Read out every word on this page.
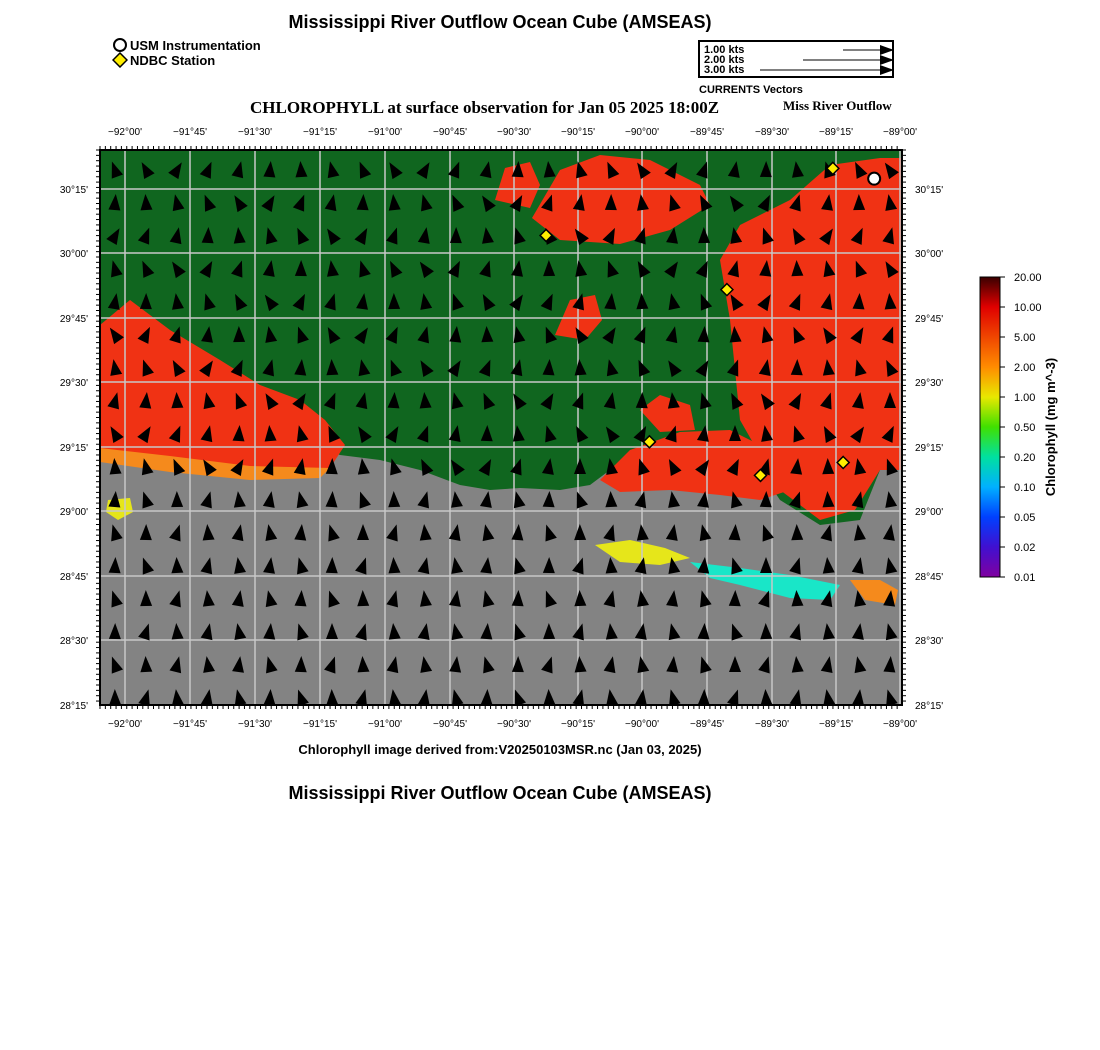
Mississippi River Outflow Ocean Cube (AMSEAS)
USM Instrumentation
NDBC Station
1.00 kts
2.00 kts
3.00 kts
CURRENTS Vectors
CHLOROPHYLL at surface observation for Jan 05 2025 18:00Z	Miss River Outflow
−92°00'
−92°00'
−91°45'
−91°45'
−91°30'
−91°30'
−91°15'
−91°15'
−91°00'
−91°00'
−90°45'
−90°45'
−90°30'
−90°30'
−90°15'
−90°15'
−90°00'
−90°00'
−89°45'
−89°45'
−89°30'
−89°30'
−89°15'
−89°15'
−89°00'
−89°00'
30°15'	30°15'
30°00'	30°00'
29°45'	29°45'
29°30'	29°30'
29°15'	29°15'
29°00'	29°00'
28°45'	28°45'
28°30'	28°30'
28°15'	28°15'
20.00
10.00
5.00
2.00
1.00
0.50
0.20
0.10
0.05
0.02
0.01
Chlorophyll (mg m^-3)
Chlorophyll image derived from:V20250103MSR.nc (Jan 03, 2025)
Mississippi River Outflow Ocean Cube (AMSEAS)
